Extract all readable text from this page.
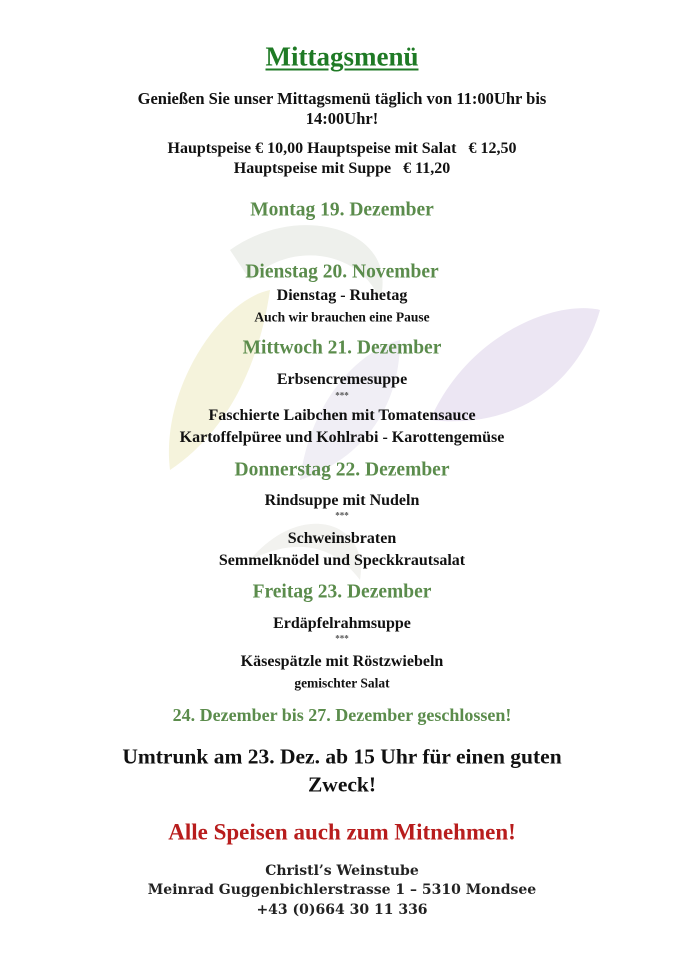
Mittagsmenü
Genießen Sie unser Mittagsmenü täglich von 11:00Uhr bis
14:00Uhr!
Hauptspeise € 10,00 Hauptspeise mit Salat   € 12,50
Hauptspeise mit Suppe   € 11,20
Montag 19. Dezember
Dienstag 20. November
Dienstag - Ruhetag
Auch wir brauchen eine Pause
Mittwoch 21. Dezember
Erbsencremesuppe
***
Faschierte Laibchen mit Tomatensauce
Kartoffelpüree und Kohlrabi - Karottengemüse
Donnerstag 22. Dezember
Rindsuppe mit Nudeln
***
Schweinsbraten
Semmelknödel und Speckkrautsalat
Freitag 23. Dezember
Erdäpfelrahmsuppe
***
Käsespätzle mit Röstzwiebeln
gemischter Salat
24. Dezember bis 27. Dezember geschlossen!
Umtrunk am 23. Dez. ab 15 Uhr für einen guten
Zweck!
Alle Speisen auch zum Mitnehmen!
Christl’s Weinstube
Meinrad Guggenbichlerstrasse 1 – 5310 Mondsee
+43 (0)664 30 11 336
